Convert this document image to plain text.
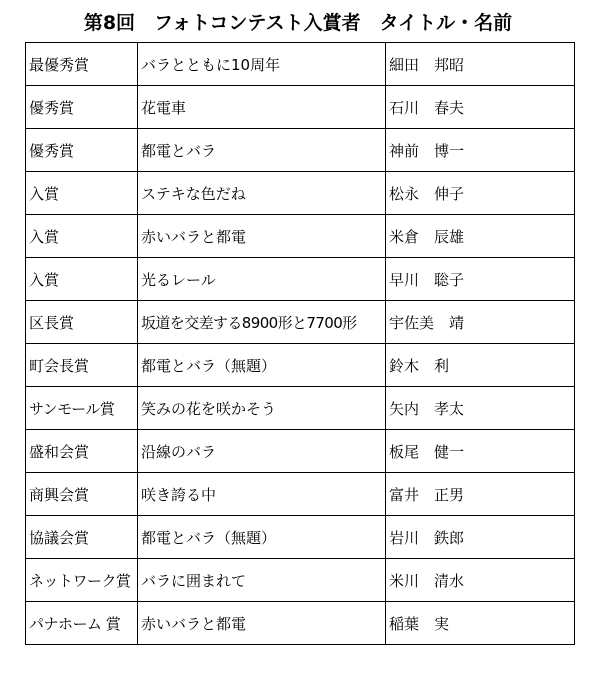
第8回　フォトコンテスト入賞者　タイトル・名前
最優秀賞	バラとともに10周年	細田　邦昭
優秀賞	花電車	石川　春夫
優秀賞	都電とバラ	神前　博一
入賞	ステキな色だね	松永　伸子
入賞	赤いバラと都電	米倉　辰雄
入賞	光るレール	早川　聡子
区長賞	坂道を交差する8900形と7700形	宇佐美　靖
町会長賞	都電とバラ（無題）	鈴木　利
サンモール賞	笑みの花を咲かそう	矢内　孝太
盛和会賞	沿線のバラ	板尾　健一
商興会賞	咲き誇る中	富井　正男
協議会賞	都電とバラ（無題）	岩川　鉄郎
ネットワーク賞	バラに囲まれて	米川　清水
パナホーム 賞	赤いバラと都電	稲葉　実
